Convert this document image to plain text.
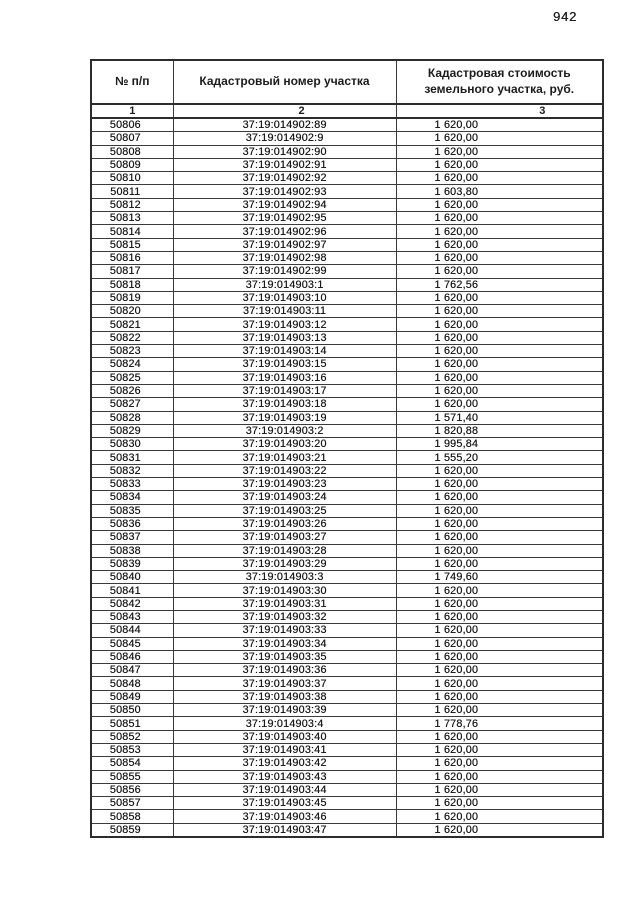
942
№ п/п	Кадастровый номер участка	Кадастровая стоимость земельного участка, руб.
1	2	3
50806	37:19:014902:89	1 620,00
50807	37:19:014902:9	1 620,00
50808	37:19:014902:90	1 620,00
50809	37:19:014902:91	1 620,00
50810	37:19:014902:92	1 620,00
50811	37:19:014902:93	1 603,80
50812	37:19:014902:94	1 620,00
50813	37:19:014902:95	1 620,00
50814	37:19:014902:96	1 620,00
50815	37:19:014902:97	1 620,00
50816	37:19:014902:98	1 620,00
50817	37:19:014902:99	1 620,00
50818	37:19:014903:1	1 762,56
50819	37:19:014903:10	1 620,00
50820	37:19:014903:11	1 620,00
50821	37:19:014903:12	1 620,00
50822	37:19:014903:13	1 620,00
50823	37:19:014903:14	1 620,00
50824	37:19:014903:15	1 620,00
50825	37:19:014903:16	1 620,00
50826	37:19:014903:17	1 620,00
50827	37:19:014903:18	1 620,00
50828	37:19:014903:19	1 571,40
50829	37:19:014903:2	1 820,88
50830	37:19:014903:20	1 995,84
50831	37:19:014903:21	1 555,20
50832	37:19:014903:22	1 620,00
50833	37:19:014903:23	1 620,00
50834	37:19:014903:24	1 620,00
50835	37:19:014903:25	1 620,00
50836	37:19:014903:26	1 620,00
50837	37:19:014903:27	1 620,00
50838	37:19:014903:28	1 620,00
50839	37:19:014903:29	1 620,00
50840	37:19:014903:3	1 749,60
50841	37:19:014903:30	1 620,00
50842	37:19:014903:31	1 620,00
50843	37:19:014903:32	1 620,00
50844	37:19:014903:33	1 620,00
50845	37:19:014903:34	1 620,00
50846	37:19:014903:35	1 620,00
50847	37:19:014903:36	1 620,00
50848	37:19:014903:37	1 620,00
50849	37:19:014903:38	1 620,00
50850	37:19:014903:39	1 620,00
50851	37:19:014903:4	1 778,76
50852	37:19:014903:40	1 620,00
50853	37:19:014903:41	1 620,00
50854	37:19:014903:42	1 620,00
50855	37:19:014903:43	1 620,00
50856	37:19:014903:44	1 620,00
50857	37:19:014903:45	1 620,00
50858	37:19:014903:46	1 620,00
50859	37:19:014903:47	1 620,00
